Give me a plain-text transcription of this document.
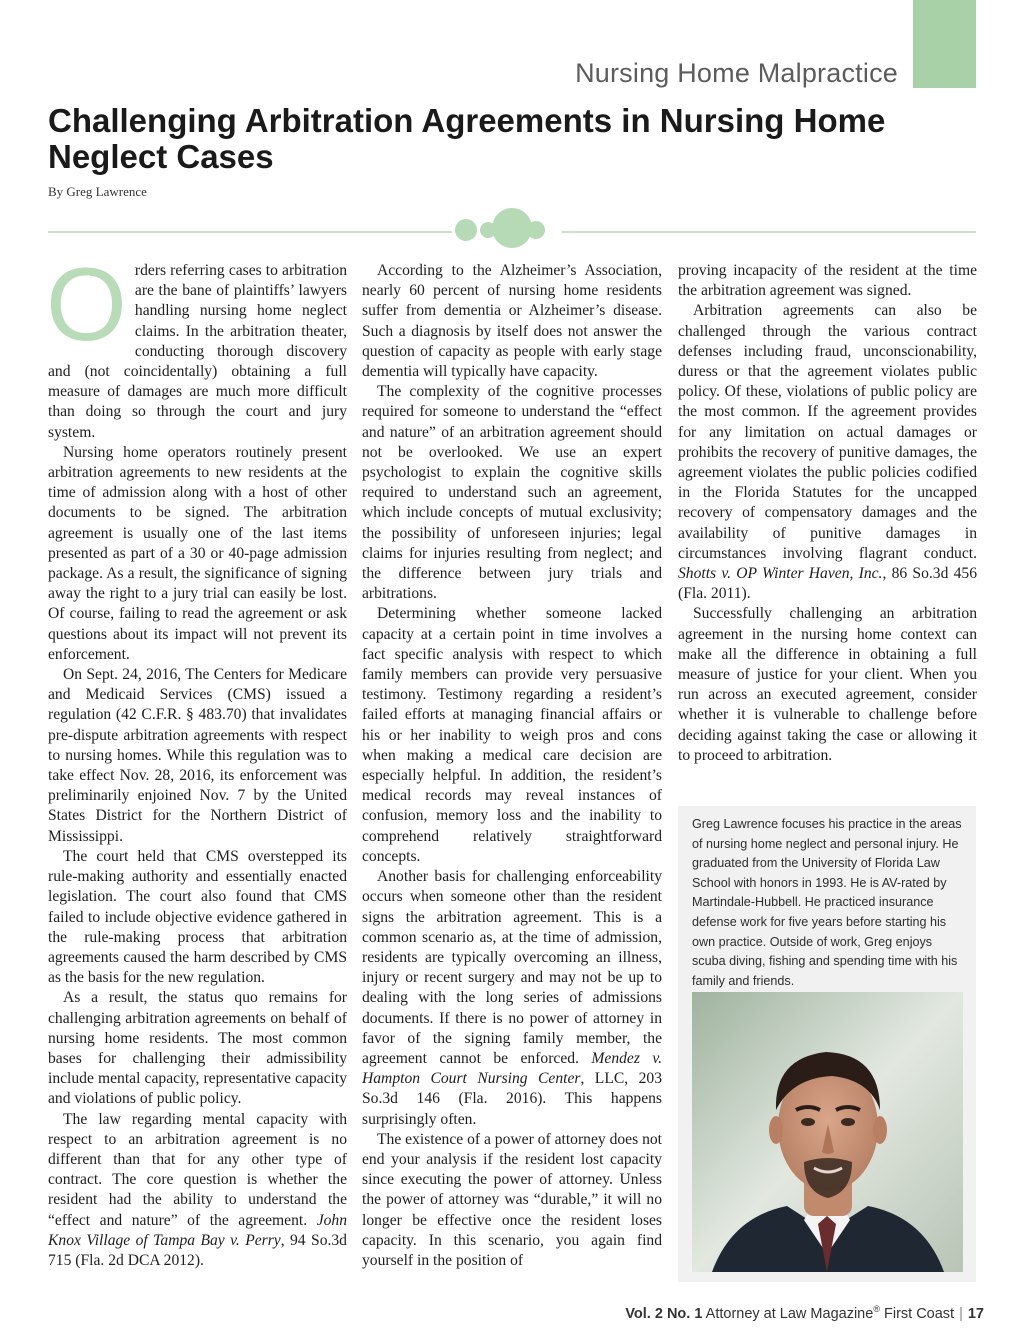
Nursing Home Malpractice
Challenging Arbitration Agreements in Nursing Home Neglect Cases
By Greg Lawrence

Orders referring cases to arbitration are the bane of plaintiffs’ lawyers handling nursing home neglect claims. In the arbitration theater, conducting thorough discovery and (not coincidentally) obtaining a full measure of damages are much more difficult than doing so through the court and jury system.

Nursing home operators routinely present arbitration agreements to new residents at the time of admission along with a host of other documents to be signed. The arbitration agreement is usually one of the last items presented as part of a 30 or 40-page admission package. As a result, the significance of signing away the right to a jury trial can easily be lost. Of course, failing to read the agreement or ask questions about its impact will not prevent its enforcement.

On Sept. 24, 2016, The Centers for Medicare and Medicaid Services (CMS) issued a regulation (42 C.F.R. § 483.70) that invalidates pre-dispute arbitration agreements with respect to nursing homes. While this regulation was to take effect Nov. 28, 2016, its enforcement was preliminarily enjoined Nov. 7 by the United States District for the Northern District of Mississippi.

The court held that CMS overstepped its rule-making authority and essentially enacted legislation. The court also found that CMS failed to include objective evidence gathered in the rule-making process that arbitration agreements caused the harm described by CMS as the basis for the new regulation.

As a result, the status quo remains for challenging arbitration agreements on behalf of nursing home residents. The most common bases for challenging their admissibility include mental capacity, representative capacity and violations of public policy.

The law regarding mental capacity with respect to an arbitration agreement is no different than that for any other type of contract. The core question is whether the resident had the ability to understand the “effect and nature” of the agreement. John Knox Village of Tampa Bay v. Perry, 94 So.3d 715 (Fla. 2d DCA 2012).

According to the Alzheimer’s Association, nearly 60 percent of nursing home residents suffer from dementia or Alzheimer’s disease. Such a diagnosis by itself does not answer the question of capacity as people with early stage dementia will typically have capacity.

The complexity of the cognitive processes required for someone to understand the “effect and nature” of an arbitration agreement should not be overlooked. We use an expert psychologist to explain the cognitive skills required to understand such an agreement, which include concepts of mutual exclusivity; the possibility of unforeseen injuries; legal claims for injuries resulting from neglect; and the difference between jury trials and arbitrations.

Determining whether someone lacked capacity at a certain point in time involves a fact specific analysis with respect to which family members can provide very persuasive testimony. Testimony regarding a resident’s failed efforts at managing financial affairs or his or her inability to weigh pros and cons when making a medical care decision are especially helpful. In addition, the resident’s medical records may reveal instances of confusion, memory loss and the inability to comprehend relatively straightforward concepts.

Another basis for challenging enforceability occurs when someone other than the resident signs the arbitration agreement. This is a common scenario as, at the time of admission, residents are typically overcoming an illness, injury or recent surgery and may not be up to dealing with the long series of admissions documents. If there is no power of attorney in favor of the signing family member, the agreement cannot be enforced. Mendez v. Hampton Court Nursing Center, LLC, 203 So.3d 146 (Fla. 2016). This happens surprisingly often.

The existence of a power of attorney does not end your analysis if the resident lost capacity since executing the power of attorney. Unless the power of attorney was “durable,” it will no longer be effective once the resident loses capacity. In this scenario, you again find yourself in the position of

proving incapacity of the resident at the time the arbitration agreement was signed.

Arbitration agreements can also be challenged through the various contract defenses including fraud, unconscionability, duress or that the agreement violates public policy. Of these, violations of public policy are the most common. If the agreement provides for any limitation on actual damages or prohibits the recovery of punitive damages, the agreement violates the public policies codified in the Florida Statutes for the uncapped recovery of compensatory damages and the availability of punitive damages in circumstances involving flagrant conduct. Shotts v. OP Winter Haven, Inc., 86 So.3d 456 (Fla. 2011).

Successfully challenging an arbitration agreement in the nursing home context can make all the difference in obtaining a full measure of justice for your client. When you run across an executed agreement, consider whether it is vulnerable to challenge before deciding against taking the case or allowing it to proceed to arbitration.

Greg Lawrence focuses his practice in the areas of nursing home neglect and personal injury. He graduated from the University of Florida Law School with honors in 1993. He is AV-rated by Martindale-Hubbell. He practiced insurance defense work for five years before starting his own practice. Outside of work, Greg enjoys scuba diving, fishing and spending time with his family and friends.

Vol. 2 No. 1 Attorney at Law Magazine® First Coast | 17
